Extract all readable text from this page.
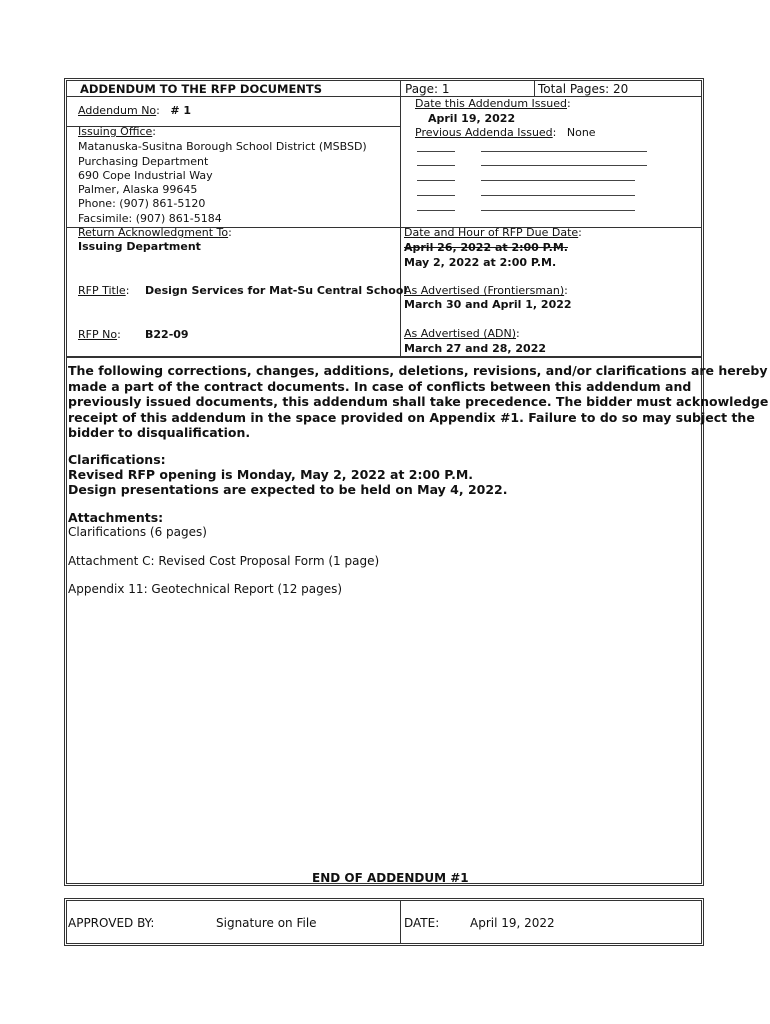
ADDENDUM TO THE RFP DOCUMENTS	Page: 1	Total Pages: 20
Addendum No:   # 1
Date this Addendum Issued:
April 19, 2022
Previous Addenda Issued:   None
Issuing Office:
Matanuska-Susitna Borough School District (MSBSD)
Purchasing Department
690 Cope Industrial Way
Palmer, Alaska 99645
Phone: (907) 861-5120
Facsimile: (907) 861-5184
Return Acknowledgment To:
Issuing Department
Date and Hour of RFP Due Date:
April 26, 2022 at 2:00 P.M.
May 2, 2022 at 2:00 P.M.
RFP Title: Design Services for Mat-Su Central School
As Advertised (Frontiersman):
March 30 and April 1, 2022
RFP No: B22-09	As Advertised (ADN):
March 27 and 28, 2022
The following corrections, changes, additions, deletions, revisions, and/or clarifications are hereby
made a part of the contract documents. In case of conflicts between this addendum and
previously issued documents, this addendum shall take precedence. The bidder must acknowledge
receipt of this addendum in the space provided on Appendix #1. Failure to do so may subject the
bidder to disqualification.
Clarifications:
Revised RFP opening is Monday, May 2, 2022 at 2:00 P.M.
Design presentations are expected to be held on May 4, 2022.
Attachments:
Clarifications (6 pages)
Attachment C: Revised Cost Proposal Form (1 page)
Appendix 11: Geotechnical Report (12 pages)
END OF ADDENDUM #1
APPROVED BY:	Signature on File	DATE:	April 19, 2022
